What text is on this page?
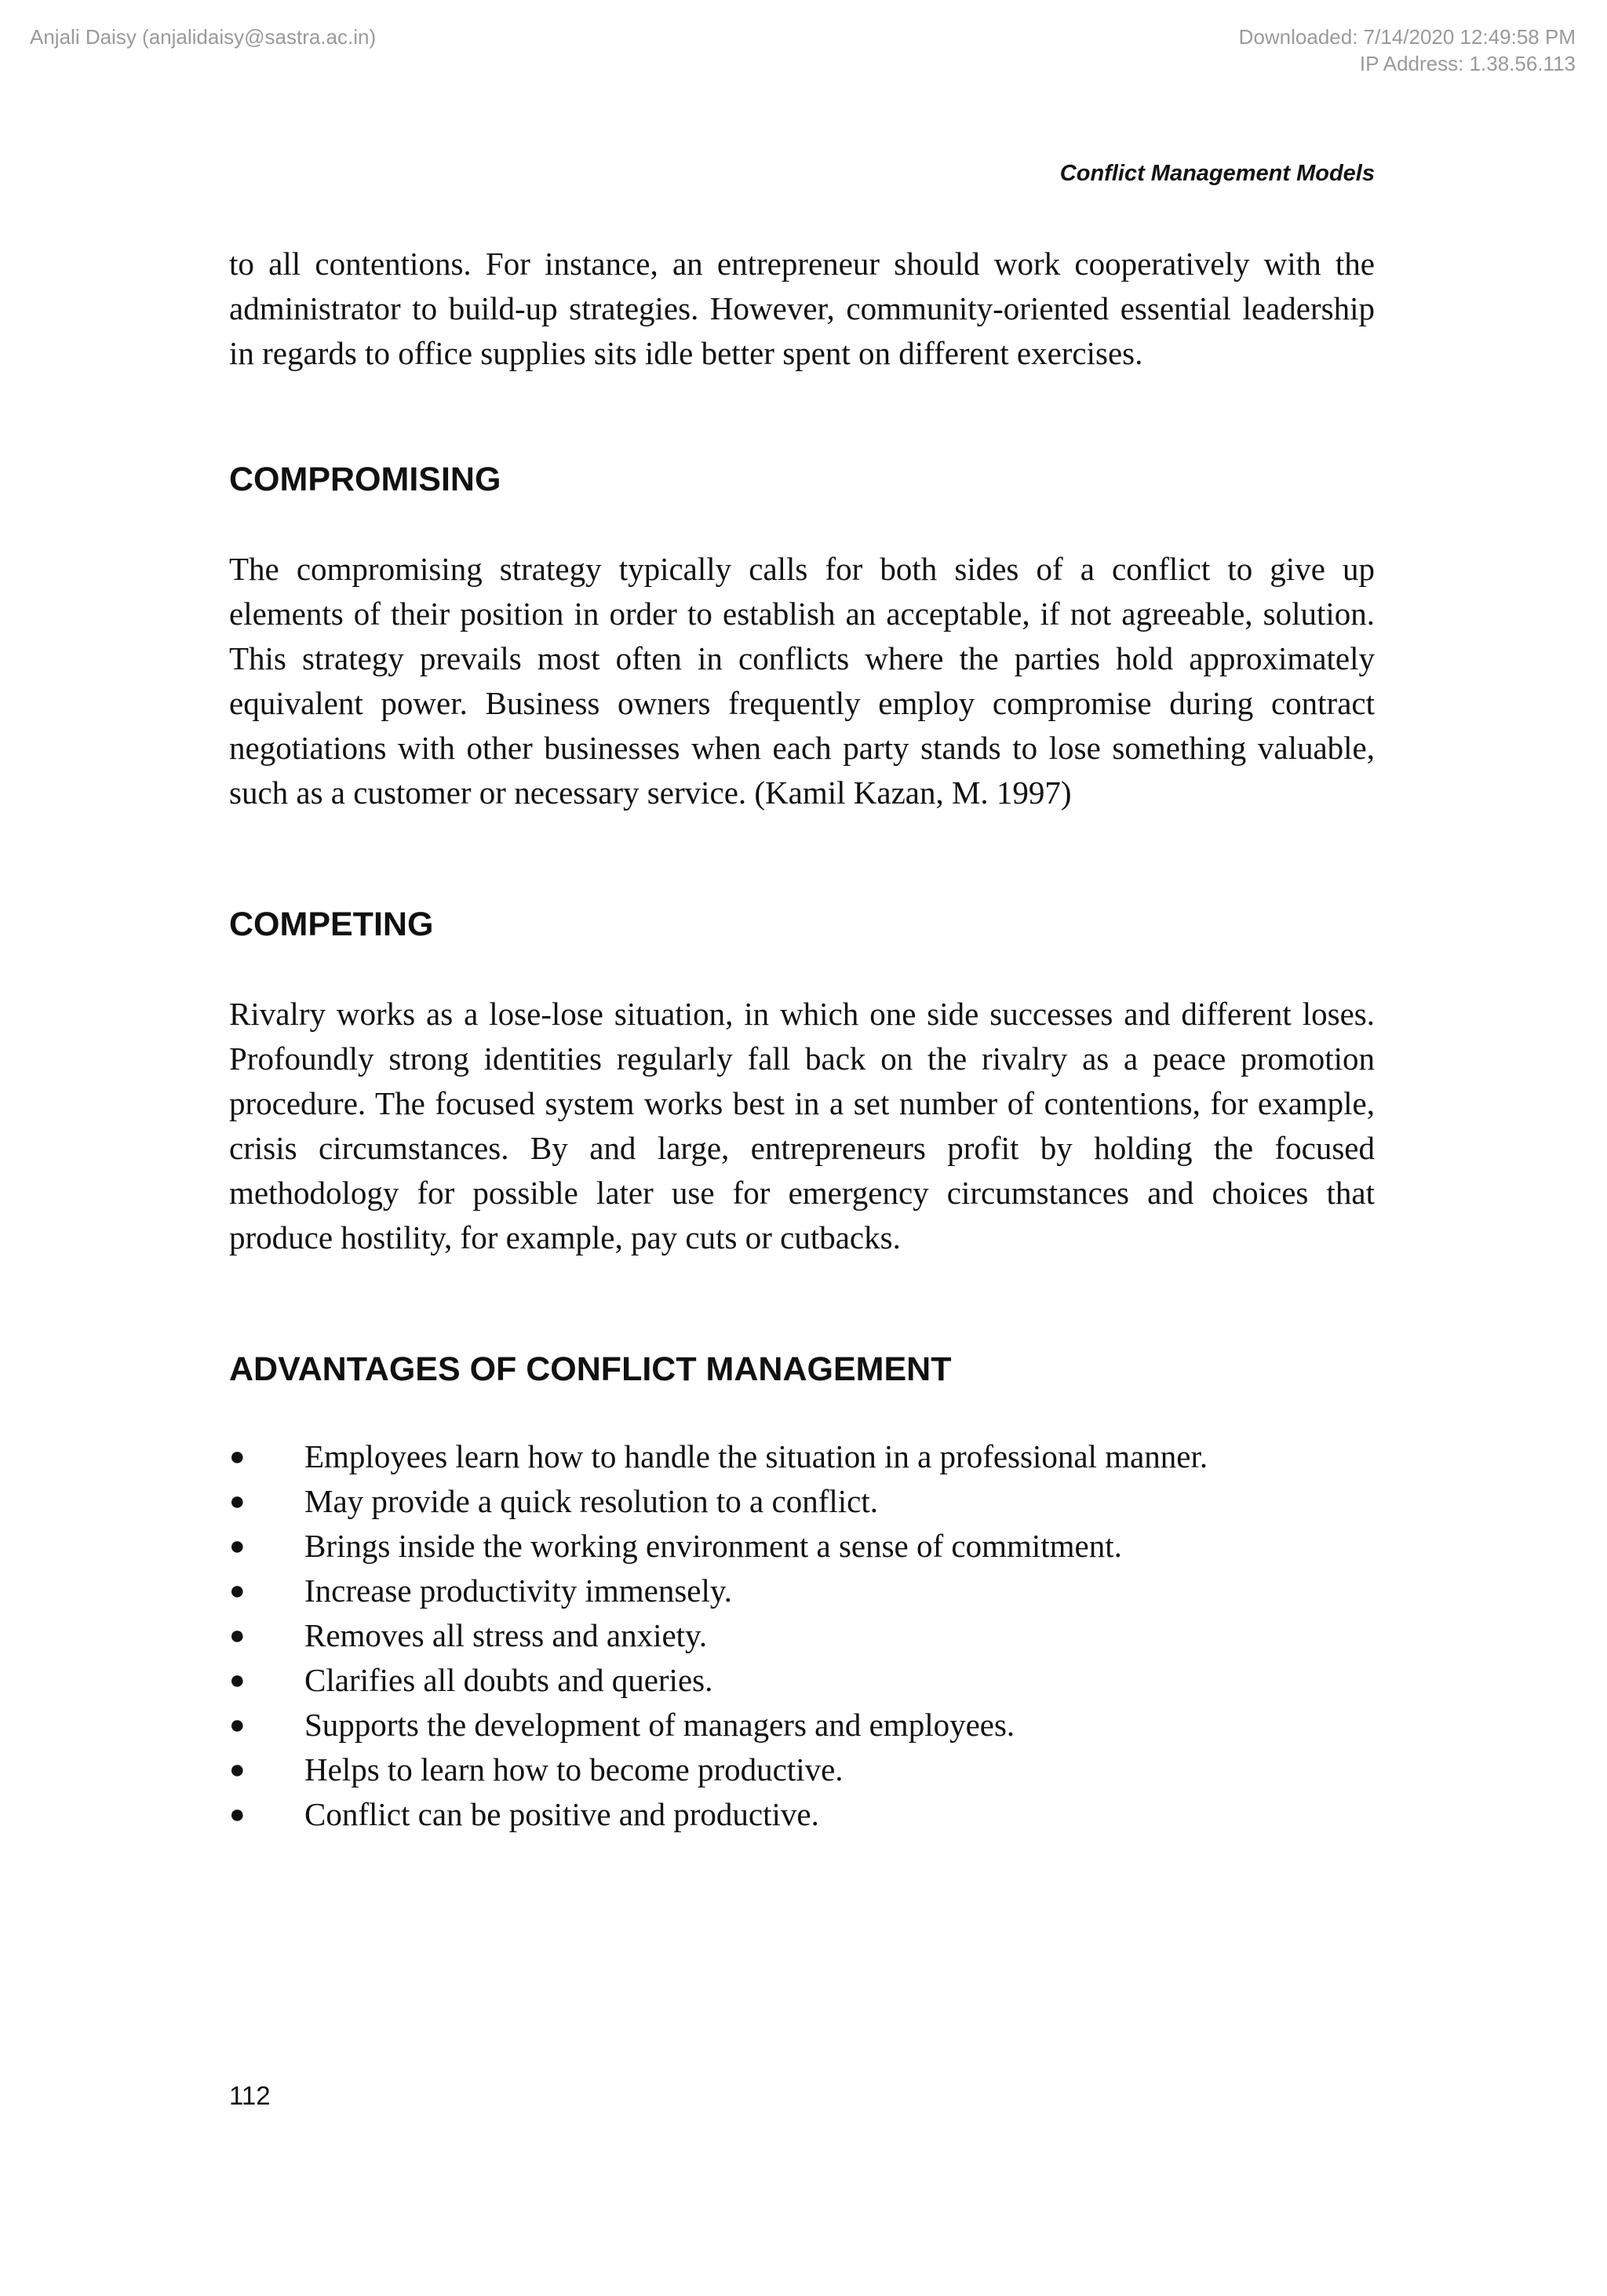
Anjali Daisy (anjalidaisy@sastra.ac.in)	Downloaded: 7/14/2020 12:49:58 PM
IP Address: 1.38.56.113
Conflict Management Models

to all contentions. For instance, an entrepreneur should work cooperatively with the administrator to build-up strategies. However, community-oriented essential leadership in regards to office supplies sits idle better spent on different exercises.

COMPROMISING

The compromising strategy typically calls for both sides of a conflict to give up elements of their position in order to establish an acceptable, if not agreeable, solution. This strategy prevails most often in conflicts where the parties hold approximately equivalent power. Business owners frequently employ compromise during contract negotiations with other businesses when each party stands to lose something valuable, such as a customer or necessary service. (Kamil Kazan, M. 1997)

COMPETING

Rivalry works as a lose-lose situation, in which one side successes and different loses. Profoundly strong identities regularly fall back on the rivalry as a peace promotion procedure. The focused system works best in a set number of contentions, for example, crisis circumstances. By and large, entrepreneurs profit by holding the focused methodology for possible later use for emergency circumstances and choices that produce hostility, for example, pay cuts or cutbacks.

ADVANTAGES OF CONFLICT MANAGEMENT
● Employees learn how to handle the situation in a professional manner.
● May provide a quick resolution to a conflict.
● Brings inside the working environment a sense of commitment.
● Increase productivity immensely.
● Removes all stress and anxiety.
● Clarifies all doubts and queries.
● Supports the development of managers and employees.
● Helps to learn how to become productive.
● Conflict can be positive and productive.
112
